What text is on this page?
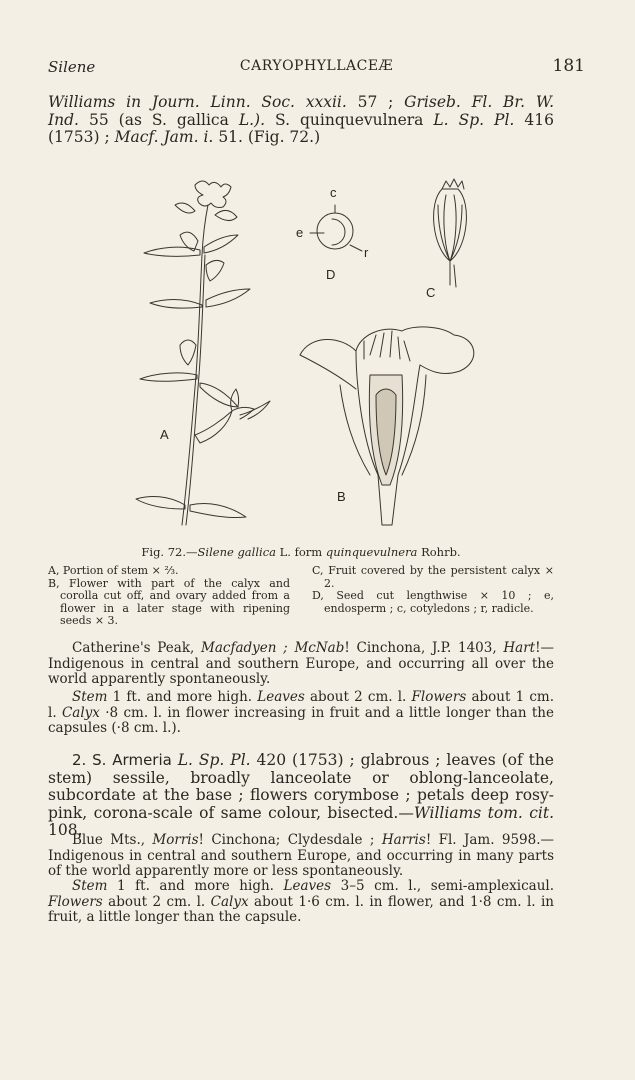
Silene	CARYOPHYLLACEÆ	181
Williams in Journ. Linn. Soc. xxxii. 57 ; Griseb. Fl. Br. W.
Ind. 55 (as S. gallica L.). S. quinquevulnera L. Sp. Pl. 416
(1753) ; Macf. Jam. i. 51. (Fig. 72.)
A
B
C
D
c
e
r
Fig. 72.—Silene gallica L. form quinquevulnera Rohrb.

A, Portion of stem × ⅔.

B, Flower with part of the calyx and corolla cut off, and ovary added from a flower in a later stage with ripening seeds × 3.

C, Fruit covered by the persistent calyx × 2.

D, Seed cut lengthwise × 10 ; e, endosperm ; c, cotyledons ; r, radicle.

Catherine's Peak, Macfadyen ; McNab! Cinchona, J.P. 1403, Hart!— Indigenous in central and southern Europe, and occurring all over the world apparently spontaneously.

Stem 1 ft. and more high. Leaves about 2 cm. l. Flowers about 1 cm. l. Calyx ·8 cm. l. in flower increasing in fruit and a little longer than the capsules (·8 cm. l.).

2. S. Armeria L. Sp. Pl. 420 (1753) ; glabrous ; leaves (of the stem) sessile, broadly lanceolate or oblong-lanceolate, subcordate at the base ; flowers corymbose ; petals deep rosy-pink, corona-scale of same colour, bisected.—Williams tom. cit. 108.

Blue Mts., Morris! Cinchona; Clydesdale ; Harris! Fl. Jam. 9598.— Indigenous in central and southern Europe, and occurring in many parts of the world apparently more or less spontaneously.

Stem 1 ft. and more high. Leaves 3–5 cm. l., semi-amplexicaul. Flowers about 2 cm. l. Calyx about 1·6 cm. l. in flower, and 1·8 cm. l. in fruit, a little longer than the capsule.
